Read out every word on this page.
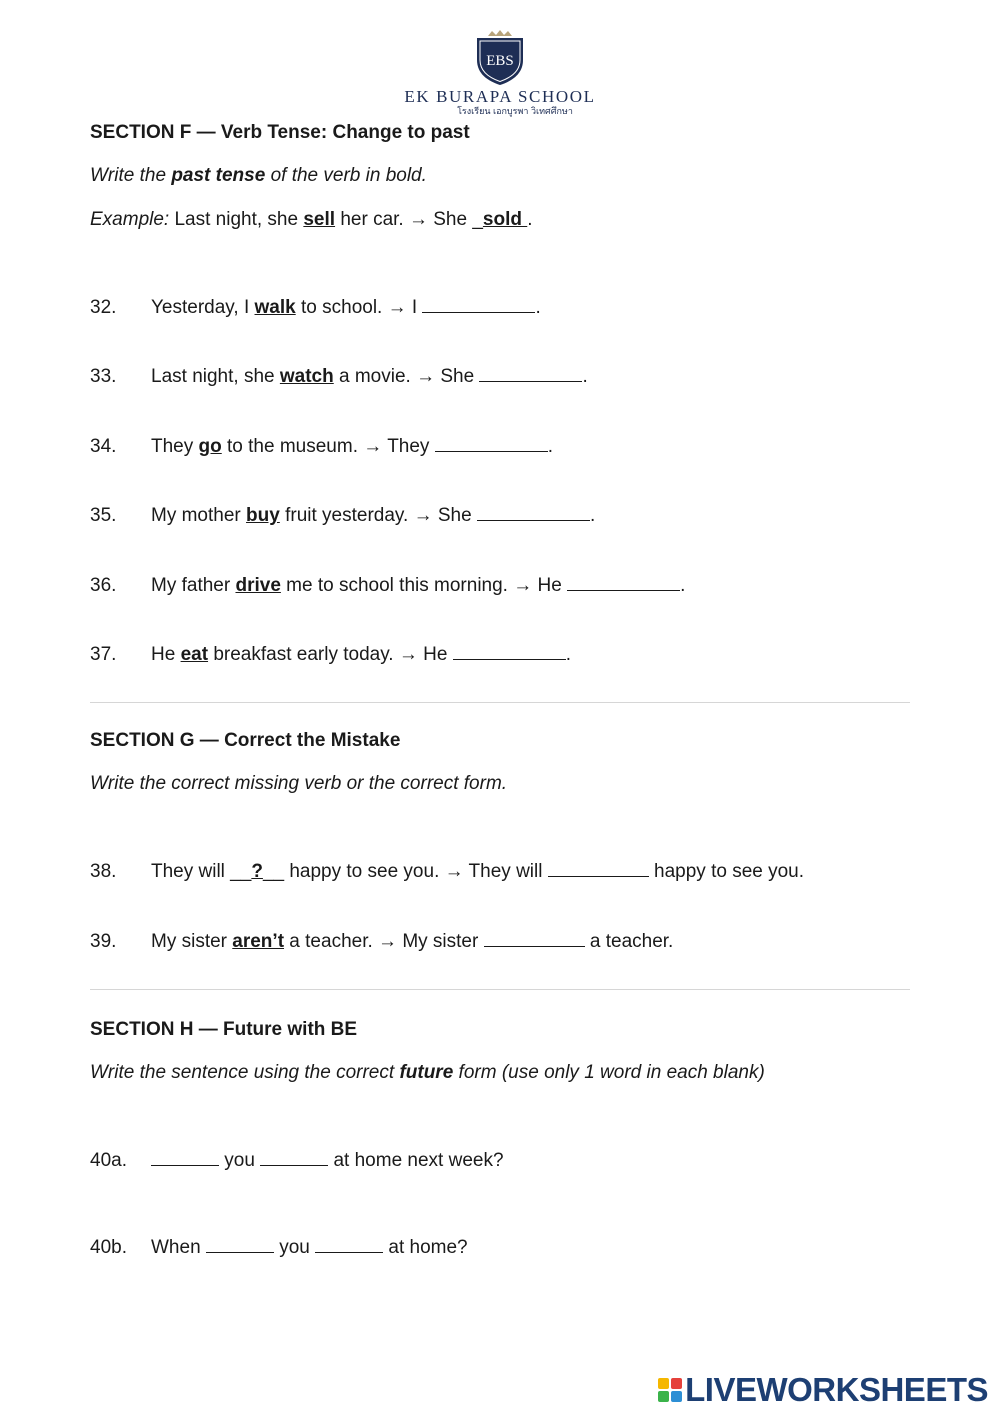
EBS
EK BURAPA SCHOOL
โรงเรียน เอกบูรพา วิเทศศึกษา
SECTION F — Verb Tense: Change to past
Write the past tense of the verb in bold.
Example: Last night, she sell her car. → She _sold .
32. Yesterday, I walk to school. → I	.
33. Last night, she watch a movie. → She	.
34. They go to the museum. → They	.
35. My mother buy fruit yesterday. → She	.
36. My father drive me to school this morning. → He	.
37. He eat breakfast early today. → He	.
SECTION G — Correct the Mistake
Write the correct missing verb or the correct form.
38. They will __?__ happy to see you. → They will	happy to see you.
39. My sister aren’t a teacher. → My sister	a teacher.
SECTION H — Future with BE
Write the sentence using the correct future form (use only 1 word in each blank)
40a.	you	at home next week?
40b. When	you	at home?
LIVEWORKSHEETS
